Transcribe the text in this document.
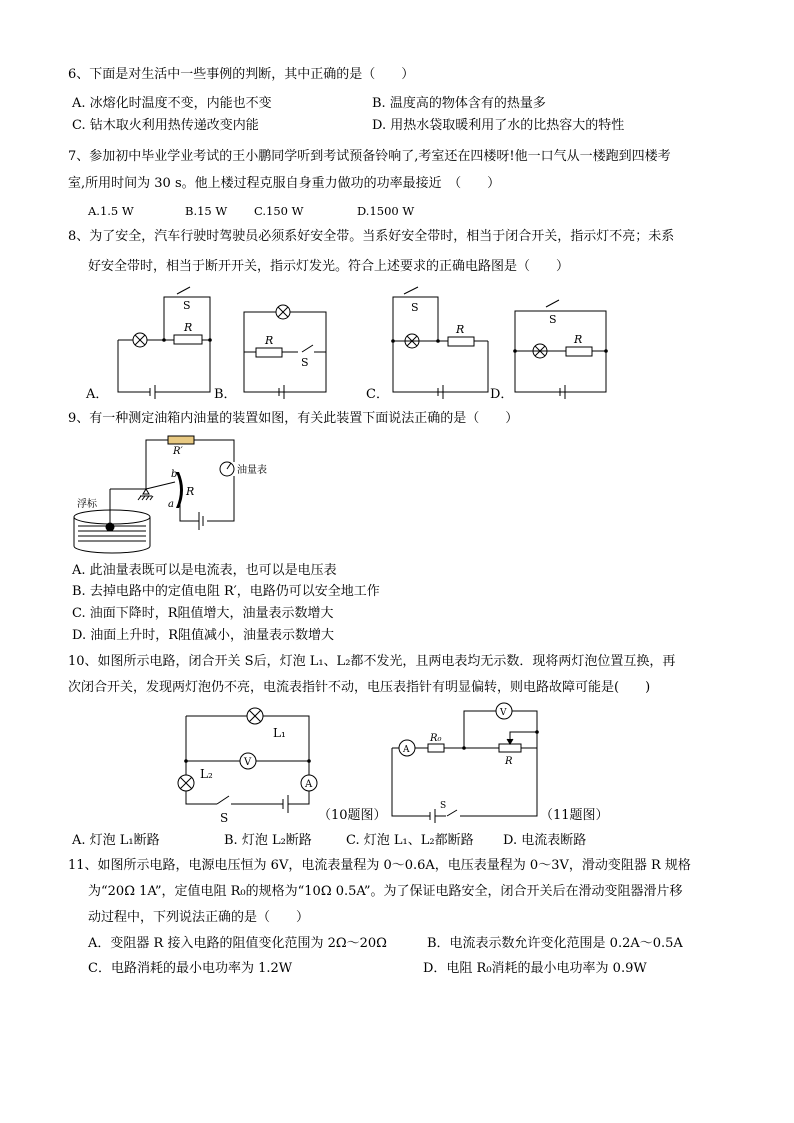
6、下面是对生活中一些事例的判断，其中正确的是（　　）
A. 冰熔化时温度不变，内能也不变	B. 温度高的物体含有的热量多
C. 钻木取火利用热传递改变内能	D. 用热水袋取暖利用了水的比热容大的特性
7、参加初中毕业学业考试的王小鹏同学听到考试预备铃响了,考室还在四楼呀!他一口气从一楼跑到四楼考
室,所用时间为 30 s。他上楼过程克服自身重力做功的功率最接近　（　　）
A.1.5 W	B.15 W C.150 W	D.1500 W
8、为了安全，汽车行驶时驾驶员必须系好安全带。当系好安全带时，相当于闭合开关，指示灯不亮；未系
好安全带时，相当于断开开关，指示灯发光。符合上述要求的正确电路图是（　　）
S
R
R
S
S
R
S
R
A．	B．	C．	D．
9、有一种测定油箱内油量的装置如图，有关此装置下面说法正确的是（　　）
R′
油量表
浮标
b
a
R
A. 此油量表既可以是电流表，也可以是电压表
B. 去掉电路中的定值电阻 R′，电路仍可以安全地工作
C. 油面下降时，R阻值增大，油量表示数增大
D. 油面上升时，R阻值减小，油量表示数增大
10、如图所示电路，闭合开关 S后，灯泡 L₁、L₂都不发光，且两电表均无示数．现将两灯泡位置互换，再
次闭合开关，发现两灯泡仍不亮，电流表指针不动，电压表指针有明显偏转，则电路故障可能是(　　)
L₁
L₂
V
A
S
A
V
R₀
R
S
（10题图）	（11题图）
A. 灯泡 L₁断路	B. 灯泡 L₂断路	C. 灯泡 L₁、L₂都断路 D. 电流表断路
11、如图所示电路，电源电压恒为 6V，电流表量程为 0～0.6A，电压表量程为 0～3V，滑动变阻器 R 规格
为“20Ω 1A”，定值电阻 R₀的规格为“10Ω 0.5A”。为了保证电路安全，闭合开关后在滑动变阻器滑片移
动过程中，下列说法正确的是（　　）
A．变阻器 R 接入电路的阻值变化范围为 2Ω～20Ω	B．电流表示数允许变化范围是 0.2A～0.5A
C．电路消耗的最小电功率为 1.2W	D．电阻 R₀消耗的最小电功率为 0.9W
